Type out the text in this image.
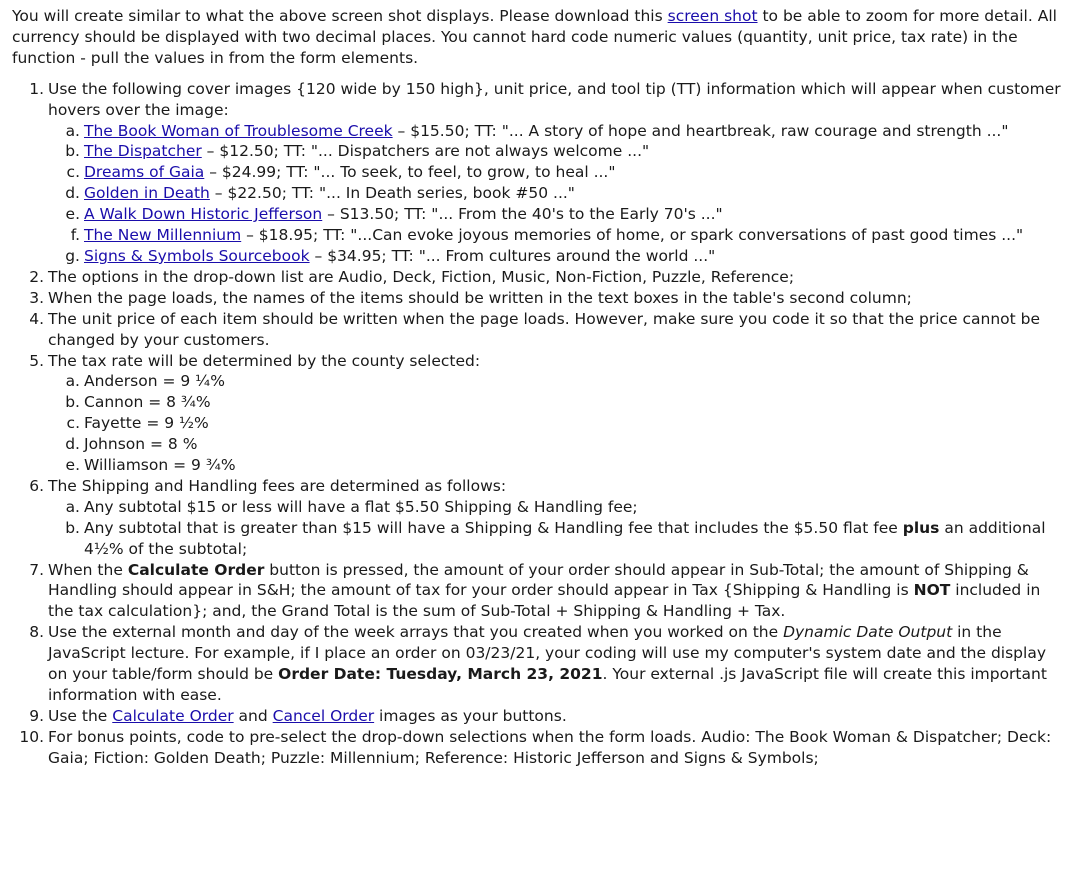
You will create similar to what the above screen shot displays. Please download this screen shot to be able to zoom for more detail. All currency should be displayed with two decimal places. You cannot hard code numeric values (quantity, unit price, tax rate) in the function - pull the values in from the form elements.

1. Use the following cover images {120 wide by 150 high}, unit price, and tool tip (TT) information which will appear when customer hovers over the image:
a. The Book Woman of Troublesome Creek – $15.50; TT: "... A story of hope and heartbreak, raw courage and strength ..."
b. The Dispatcher – $12.50; TT: "... Dispatchers are not always welcome ..."
c. Dreams of Gaia – $24.99; TT: "... To seek, to feel, to grow, to heal ..."
d. Golden in Death – $22.50; TT: "... In Death series, book #50 ..."
e. A Walk Down Historic Jefferson – S13.50; TT: "... From the 40's to the Early 70's ..."
f. The New Millennium – $18.95; TT: "...Can evoke joyous memories of home, or spark conversations of past good times ..."
g. Signs & Symbols Sourcebook – $34.95; TT: "... From cultures around the world ..."
2. The options in the drop-down list are Audio, Deck, Fiction, Music, Non-Fiction, Puzzle, Reference;
3. When the page loads, the names of the items should be written in the text boxes in the table's second column;
4. The unit price of each item should be written when the page loads. However, make sure you code it so that the price cannot be changed by your customers.
5. The tax rate will be determined by the county selected:
a. Anderson = 9 ¼%
b. Cannon = 8 ¾%
c. Fayette = 9 ½%
d. Johnson = 8 %
e. Williamson = 9 ¾%
6. The Shipping and Handling fees are determined as follows:
a. Any subtotal $15 or less will have a flat $5.50 Shipping & Handling fee;
b. Any subtotal that is greater than $15 will have a Shipping & Handling fee that includes the $5.50 flat fee plus an additional 4½% of the subtotal;
7. When the Calculate Order button is pressed, the amount of your order should appear in Sub-Total; the amount of Shipping & Handling should appear in S&H; the amount of tax for your order should appear in Tax {Shipping & Handling is NOT included in the tax calculation}; and, the Grand Total is the sum of Sub-Total + Shipping & Handling + Tax.
8. Use the external month and day of the week arrays that you created when you worked on the Dynamic Date Output in the JavaScript lecture. For example, if I place an order on 03/23/21, your coding will use my computer's system date and the display on your table/form should be Order Date: Tuesday, March 23, 2021. Your external .js JavaScript file will create this important information with ease.
9. Use the Calculate Order and Cancel Order images as your buttons.
10. For bonus points, code to pre-select the drop-down selections when the form loads. Audio: The Book Woman & Dispatcher; Deck: Gaia; Fiction: Golden Death; Puzzle: Millennium; Reference: Historic Jefferson and Signs & Symbols;
